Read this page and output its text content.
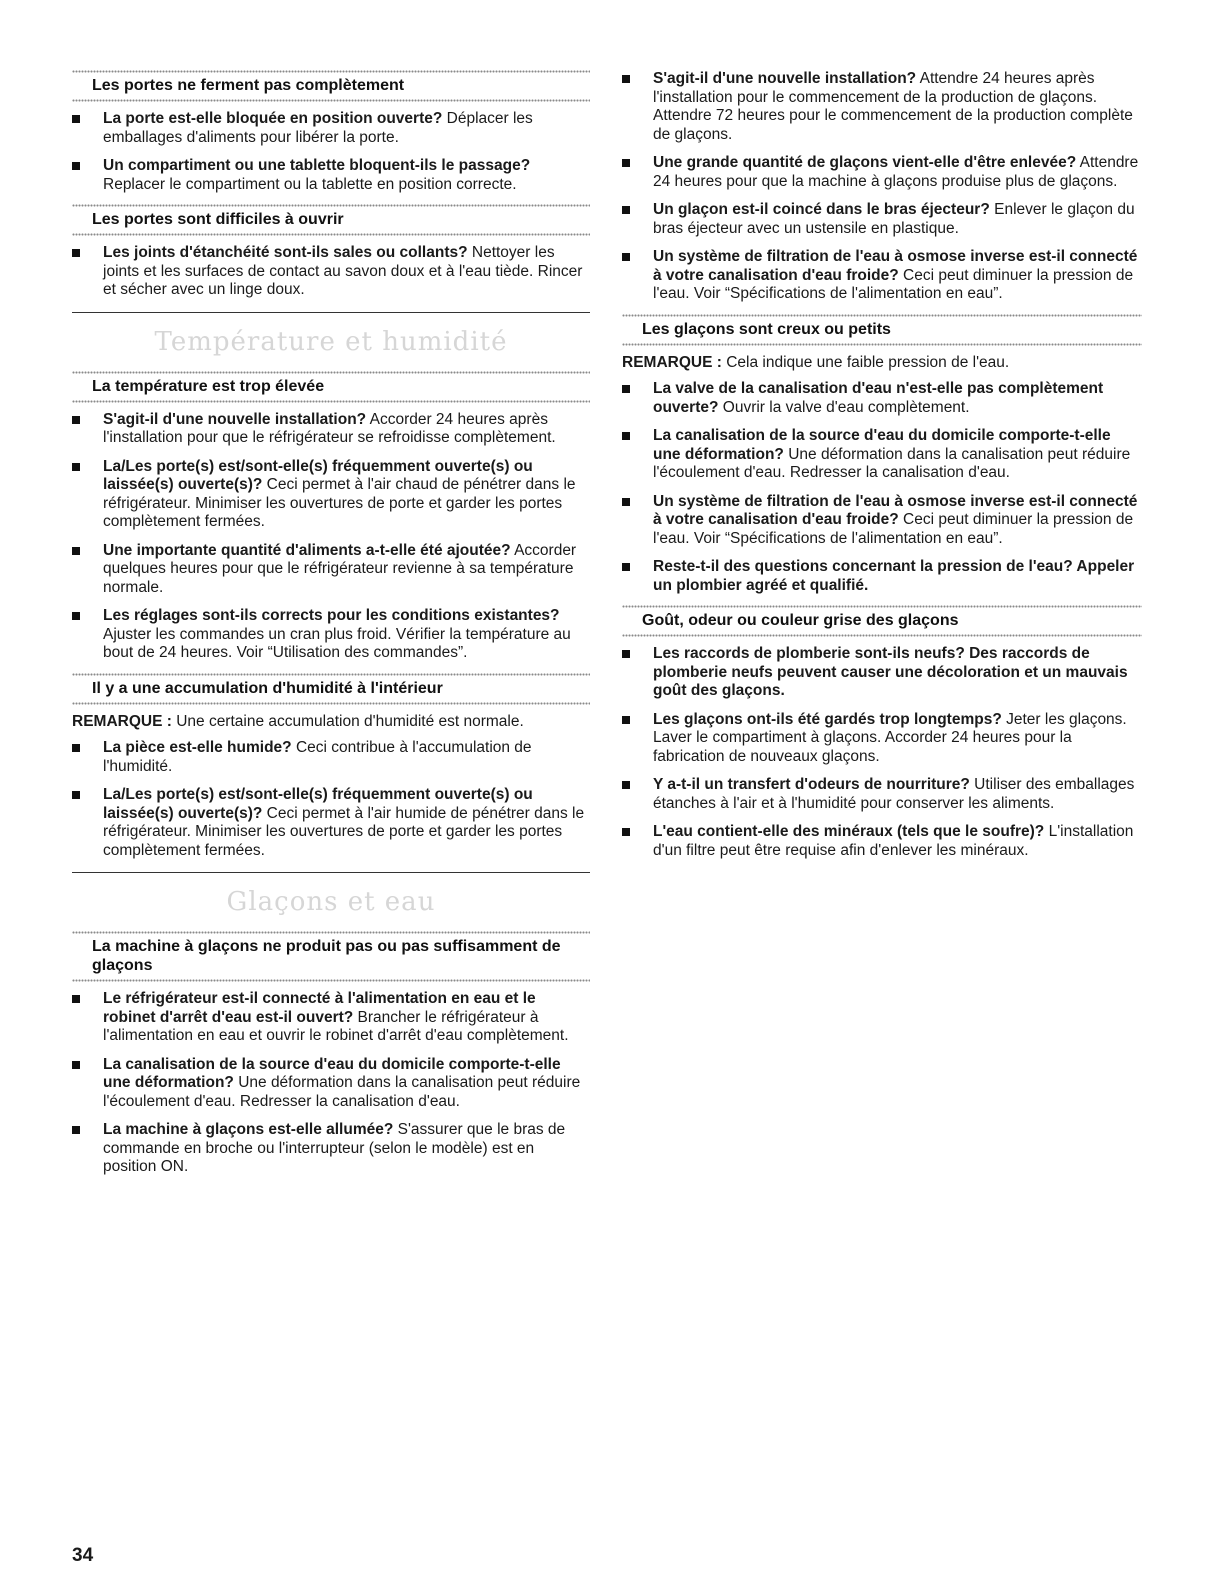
Les portes ne ferment pas complètement
La porte est-elle bloquée en position ouverte? Déplacer les emballages d'aliments pour libérer la porte.
Un compartiment ou une tablette bloquent-ils le passage? Replacer le compartiment ou la tablette en position correcte.
Les portes sont difficiles à ouvrir
Les joints d'étanchéité sont-ils sales ou collants? Nettoyer les joints et les surfaces de contact au savon doux et à l'eau tiède. Rincer et sécher avec un linge doux.
Température et humidité
La température est trop élevée
S'agit-il d'une nouvelle installation? Accorder 24 heures après l'installation pour que le réfrigérateur se refroidisse complètement.
La/Les porte(s) est/sont-elle(s) fréquemment ouverte(s) ou laissée(s) ouverte(s)? Ceci permet à l'air chaud de pénétrer dans le réfrigérateur. Minimiser les ouvertures de porte et garder les portes complètement fermées.
Une importante quantité d'aliments a-t-elle été ajoutée? Accorder quelques heures pour que le réfrigérateur revienne à sa température normale.
Les réglages sont-ils corrects pour les conditions existantes? Ajuster les commandes un cran plus froid. Vérifier la température au bout de 24 heures. Voir “Utilisation des commandes”.
Il y a une accumulation d'humidité à l'intérieur
REMARQUE : Une certaine accumulation d'humidité est normale.
La pièce est-elle humide? Ceci contribue à l'accumulation de l'humidité.
La/Les porte(s) est/sont-elle(s) fréquemment ouverte(s) ou laissée(s) ouverte(s)? Ceci permet à l'air humide de pénétrer dans le réfrigérateur. Minimiser les ouvertures de porte et garder les portes complètement fermées.
Glaçons et eau
La machine à glaçons ne produit pas ou pas suffisamment de glaçons
Le réfrigérateur est-il connecté à l'alimentation en eau et le robinet d'arrêt d'eau est-il ouvert? Brancher le réfrigérateur à l'alimentation en eau et ouvrir le robinet d'arrêt d'eau complètement.
La canalisation de la source d'eau du domicile comporte-t-elle une déformation? Une déformation dans la canalisation peut réduire l'écoulement d'eau. Redresser la canalisation d'eau.
La machine à glaçons est-elle allumée? S'assurer que le bras de commande en broche ou l'interrupteur (selon le modèle) est en position ON.
S'agit-il d'une nouvelle installation? Attendre 24 heures après l'installation pour le commencement de la production de glaçons. Attendre 72 heures pour le commencement de la production complète de glaçons.
Une grande quantité de glaçons vient-elle d'être enlevée? Attendre 24 heures pour que la machine à glaçons produise plus de glaçons.
Un glaçon est-il coincé dans le bras éjecteur? Enlever le glaçon du bras éjecteur avec un ustensile en plastique.
Un système de filtration de l'eau à osmose inverse est-il connecté à votre canalisation d'eau froide? Ceci peut diminuer la pression de l'eau. Voir “Spécifications de l'alimentation en eau”.
Les glaçons sont creux ou petits
REMARQUE : Cela indique une faible pression de l'eau.
La valve de la canalisation d'eau n'est-elle pas complètement ouverte? Ouvrir la valve d'eau complètement.
La canalisation de la source d'eau du domicile comporte-t-elle une déformation? Une déformation dans la canalisation peut réduire l'écoulement d'eau. Redresser la canalisation d'eau.
Un système de filtration de l'eau à osmose inverse est-il connecté à votre canalisation d'eau froide? Ceci peut diminuer la pression de l'eau. Voir “Spécifications de l'alimentation en eau”.
Reste-t-il des questions concernant la pression de l'eau? Appeler un plombier agréé et qualifié.
Goût, odeur ou couleur grise des glaçons
Les raccords de plomberie sont-ils neufs? Des raccords de plomberie neufs peuvent causer une décoloration et un mauvais goût des glaçons.
Les glaçons ont-ils été gardés trop longtemps? Jeter les glaçons. Laver le compartiment à glaçons. Accorder 24 heures pour la fabrication de nouveaux glaçons.
Y a-t-il un transfert d'odeurs de nourriture? Utiliser des emballages étanches à l'air et à l'humidité pour conserver les aliments.
L'eau contient-elle des minéraux (tels que le soufre)? L'installation d'un filtre peut être requise afin d'enlever les minéraux.
34
